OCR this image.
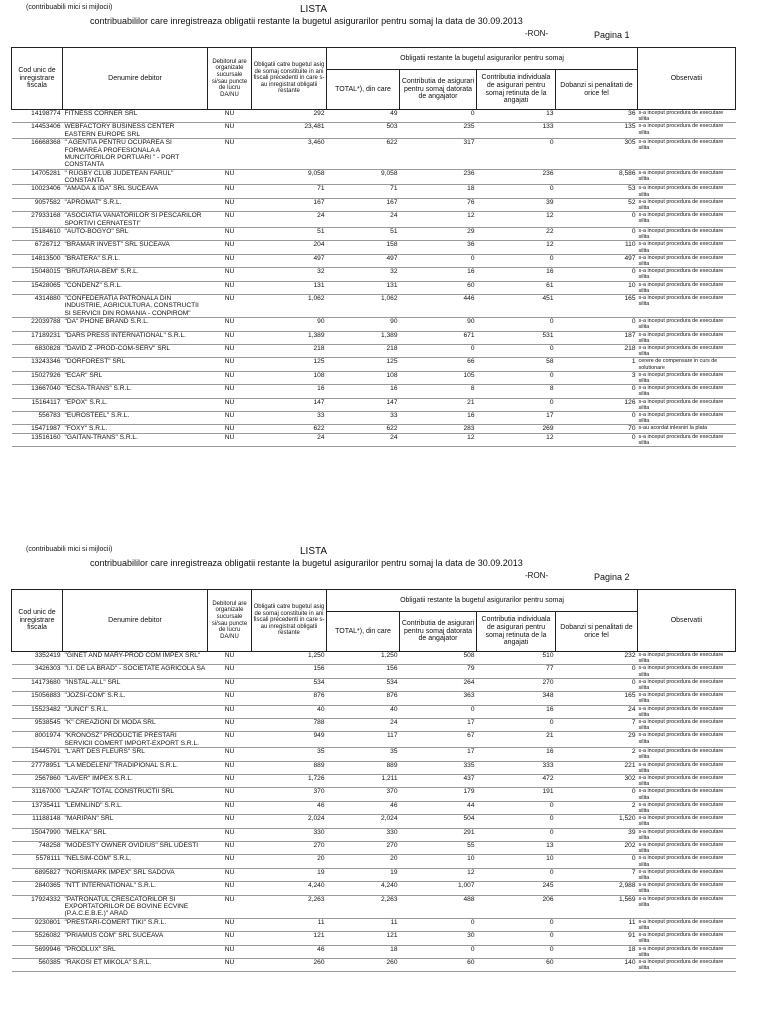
(contribuabili mici si mijlocii)	LISTA
contribuabililor care inregistreaza obligatii restante la bugetul asigurarilor pentru somaj la data de 30.09.2013
-RON-	Pagina 1
Cod unic de inregistrare fiscala	Denumire debitor	Debitorul are organizate sucursale si/sau puncte de lucru DA/NU	Obligatii catre bugetul asig de somaj constituite in ani fiscali precedenti in care s-au inregistrat obligatii restante	Obligatii restante la bugetul asigurarilor pentru somaj				Observatii
				TOTAL*), din care	Contributia de asigurari pentru somaj datorata de angajator	Contributia individuala de asigurari pentru somaj retinuta de la angajati	Dobanzi si penalitati de orice fel	
14198774	FITNESS CORNER SRL	NU	292	49	0	13	36	s-a inceput procedura de executare silita
14453406	WEBFACTORY BUSINESS CENTER EASTERN EUROPE SRL	NU	23,481	503	235	133	135	s-a inceput procedura de executare silita
16668368	" AGENTIA PENTRU OCUPAREA SI FORMAREA PROFESIONALA A MUNCITORILOR PORTUARI " - PORT CONSTANTA	NU	3,460	622	317	0	305	s-a inceput procedura de executare silita
14705281	" RUGBY CLUB JUDETEAN FARUL" CONSTANTA	NU	9,058	9,058	236	236	8,586	s-a inceput procedura de executare silita
10023406	"AMADA & IDA" SRL SUCEAVA	NU	71	71	18	0	53	s-a inceput procedura de executare silita
9057582	"APROMAT" S.R.L.	NU	167	167	76	39	52	s-a inceput procedura de executare silita
27933168	"ASOCIATIA VANATORILOR SI PESCARILOR SPORTIVI CERNATESTI"	NU	24	24	12	12	0	s-a inceput procedura de executare silita
15184610	"AUTO-BOGYO" SRL	NU	51	51	29	22	0	s-a inceput procedura de executare silita
6726712	"BRAMAR INVEST" SRL SUCEAVA	NU	204	158	36	12	110	s-a inceput procedura de executare silita
14813500	"BRATERA" S.R.L.	NU	497	497	0	0	497	s-a inceput procedura de executare silita
15048015	"BRUTARIA-BEM" S.R.L.	NU	32	32	16	16	0	s-a inceput procedura de executare silita
15428065	"CONDENZ" S.R.L.	NU	131	131	60	61	10	s-a inceput procedura de executare silita
4314880	"CONFEDERATIA PATRONALA DIN INDUSTRIE, AGRICULTURA, CONSTRUCTII SI SERVICII DIN ROMANIA - CONPIROM"	NU	1,062	1,062	446	451	165	s-a inceput procedura de executare silita
22039788	"DA" PHONE BRAND S.R.L.	NU	90	90	90	0	0	s-a inceput procedura de executare silita
17189231	"DARS PRESS INTERNATIONAL" S.R.L.	NU	1,389	1,389	671	531	187	s-a inceput procedura de executare silita
6830828	"DAVID Z -PROD-COM-SERV" SRL	NU	218	218	0	0	218	s-a inceput procedura de executare silita
13243346	"DORFOREST" SRL	NU	125	125	66	58	1	cerere de compensare in curs de solutionare
15027926	"ECAR" SRL	NU	108	108	105	0	3	s-a inceput procedura de executare silita
13667040	"ECSA-TRANS" S.R.L.	NU	16	16	8	8	0	s-a inceput procedura de executare silita
15164117	"EPOX" S.R.L.	NU	147	147	21	0	126	s-a inceput procedura de executare silita
556783	"EUROSTEEL" S.R.L.	NU	33	33	16	17	0	s-a inceput procedura de executare silita
15471987	"FOXY" S.R.L.	NU	622	622	283	269	70	s-au acordat inlesniri la plata
13516160	"GAITAN-TRANS" S.R.L.	NU	24	24	12	12	0	s-a inceput procedura de executare silita
(contribuabili mici si mijlocii)	LISTA
contribuabililor care inregistreaza obligatii restante la bugetul asigurarilor pentru somaj la data de 30.09.2013
-RON-	Pagina 2
Cod unic de inregistrare fiscala	Denumire debitor	Debitorul are organizate sucursale si/sau puncte de lucru DA/NU	Obligatii catre bugetul asig de somaj constituite in ani fiscali precedenti in care s-au inregistrat obligatii restante	Obligatii restante la bugetul asigurarilor pentru somaj				Observatii
				TOTAL*), din care	Contributia de asigurari pentru somaj datorata de angajator	Contributia individuala de asigurari pentru somaj retinuta de la angajati	Dobanzi si penalitati de orice fel	
3352419	"GINET AND MARY-PROD COM IMPEX SRL"	NU	1,250	1,250	508	510	232	s-a inceput procedura de executare silita
3426303	"I.I. DE LA BRAD" - SOCIETATE AGRICOLA SA	NU	156	156	79	77	0	s-a inceput procedura de executare silita
14173680	"INSTAL-ALL" SRL	NU	534	534	264	270	0	s-a inceput procedura de executare silita
15056883	"JOZSI-COM" S.R.L.	NU	876	876	363	348	165	s-a inceput procedura de executare silita
15523482	"JUNCI" S.R.L.	NU	40	40	0	16	24	s-a inceput procedura de executare silita
9538545	"K" CREAZIONI DI MODA SRL	NU	788	24	17	0	7	s-a inceput procedura de executare silita
8001974	"KRONOSZ" PRODUCTIE PRESTARI SERVICII COMERT IMPORT-EXPORT S.R.L.	NU	949	117	67	21	29	s-a inceput procedura de executare silita
15445791	"L'ART DES FLEURS" SRL	NU	35	35	17	16	2	s-a inceput procedura de executare silita
27778951	"LA MEDELENI" TRADIPIONAL S.R.L.	NU	889	889	335	333	221	s-a inceput procedura de executare silita
2567860	"LAVER" IMPEX S.R.L.	NU	1,726	1,211	437	472	302	s-a inceput procedura de executare silita
31167000	"LAZAR" TOTAL CONSTRUCTII SRL	NU	370	370	179	191	0	s-a inceput procedura de executare silita
13735411	"LEMNLIND" S.R.L.	NU	46	46	44	0	2	s-a inceput procedura de executare silita
11188148	"MARIPAN" SRL	NU	2,024	2,024	504	0	1,520	s-a inceput procedura de executare silita
15047990	"MELKA" SRL	NU	330	330	291	0	39	s-a inceput procedura de executare silita
748258	"MODESTY OWNER OVIDIUS" SRL UDESTI	NU	270	270	55	13	202	s-a inceput procedura de executare silita
5578111	"NELSIM-COM" S.R.L.	NU	20	20	10	10	0	s-a inceput procedura de executare silita
6895827	"NORISMARK IMPEX" SRL SADOVA	NU	19	19	12	0	7	s-a inceput procedura de executare silita
2840365	"NTT INTERNATIONAL" S.R.L.	NU	4,240	4,240	1,007	245	2,988	s-a inceput procedura de executare silita
17924332	"PATRONATUL CRESCATORILOR SI EXPORTATORILOR DE BOVINE ECVINE (P.A.C.E.B.E.)" ARAD	NU	2,263	2,263	488	206	1,569	s-a inceput procedura de executare silita
9230801	"PRESTARI-COMERT TIKI" S.R.L.	NU	11	11	0	0	11	s-a inceput procedura de executare silita
5526082	"PRIAMUS COM" SRL SUCEAVA	NU	121	121	30	0	91	s-a inceput procedura de executare silita
5699946	"PRODLUX" SRL	NU	46	18	0	0	18	s-a inceput procedura de executare silita
560385	"RAKOSI ET MIKOLA" S.R.L.	NU	260	260	60	60	140	s-a inceput procedura de executare silita
